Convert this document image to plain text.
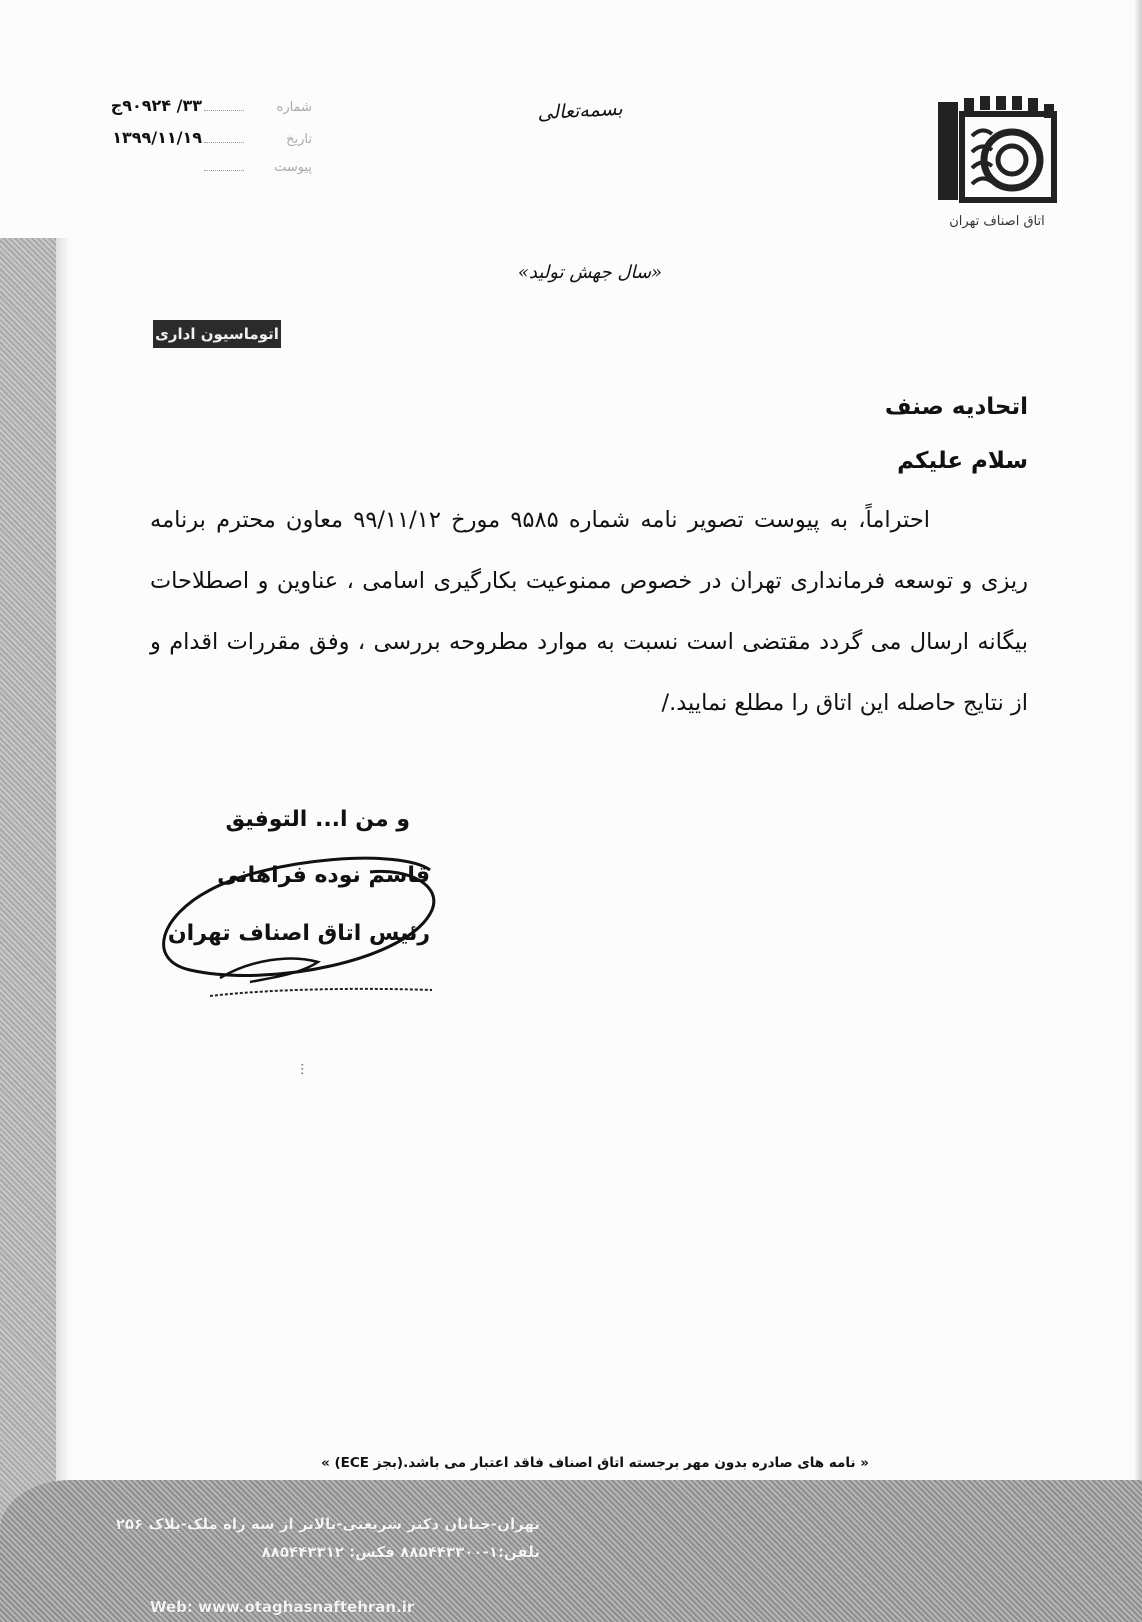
اتاق اصناف تهران
شماره
۳۳/ ۹۰۹۲۴ج
تاریخ
۱۳۹۹/۱۱/۱۹
پیوست
بسمه‌تعالی
«سال جهش تولید»
اتوماسیون اداری
اتحادیه صنف
سلام علیکم
احتراماً، به پیوست تصویر نامه شماره ۹۵۸۵ مورخ ۹۹/۱۱/۱۲ معاون محترم برنامه ریزی و توسعه فرمانداری تهران در خصوص ممنوعیت بکارگیری اسامی ، عناوین و اصطلاحات بیگانه ارسال می گردد مقتضی است نسبت به موارد مطروحه بررسی ، وفق مقررات اقدام و از نتایج حاصله این اتاق را مطلع نمایید./
و من ا... التوفیق
قاسم نوده فراهانی
رئیس اتاق اصناف تهران
ⵗ
« نامه های صادره بدون مهر برجسته اتاق اصناف فاقد اعتبار می باشد.(بجز ECE) »
تهران-خیابان دکتر شریعتی-بالاتر از سه راه ملک-پلاک ۲۵۶
تلفن:۱-۸۸۵۴۴۳۳۰۰ فکس: ۸۸۵۴۴۳۳۱۲
Web: www.otaghasnaftehran.ir
